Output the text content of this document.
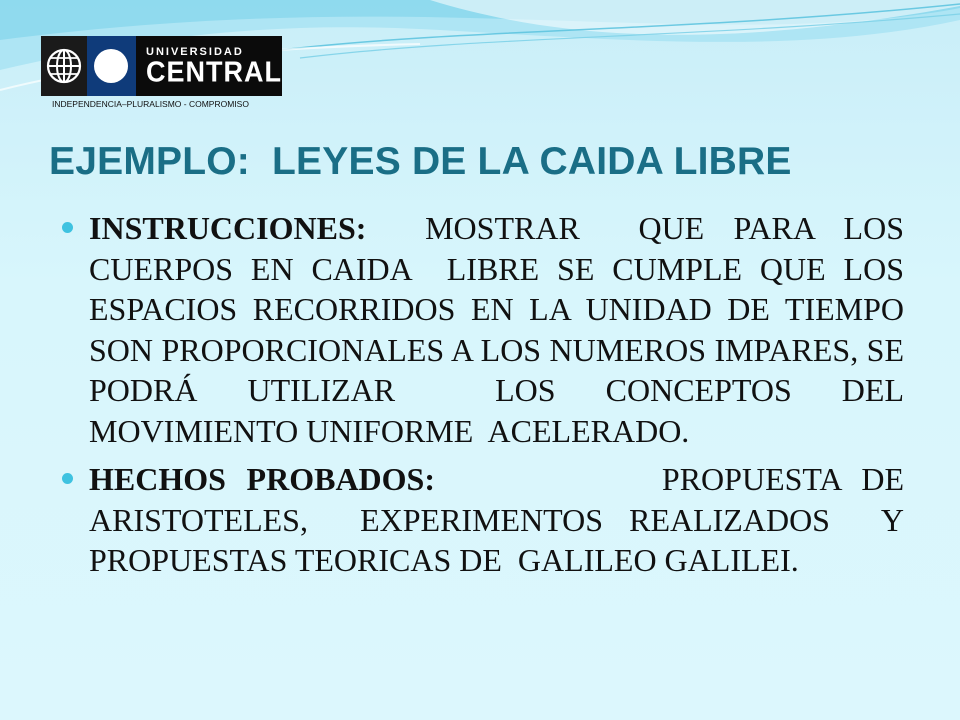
UNIVERSIDAD
CENTRAL
INDEPENDENCIA–PLURALISMO - COMPROMISO
EJEMPLO:  LEYES DE LA CAIDA LIBRE
INSTRUCCIONES: MOSTRAR  QUE PARA LOS CUERPOS EN CAIDA  LIBRE SE CUMPLE QUE LOS ESPACIOS RECORRIDOS EN LA UNIDAD DE TIEMPO SON PROPORCIONALES A LOS NUMEROS IMPARES, SE PODRÁ UTILIZAR  LOS CONCEPTOS DEL MOVIMIENTO UNIFORME  ACELERADO.
HECHOS PROBADOS:	PROPUESTA DE ARISTOTELES,  EXPERIMENTOS REALIZADOS  Y PROPUESTAS TEORICAS DE  GALILEO GALILEI.
